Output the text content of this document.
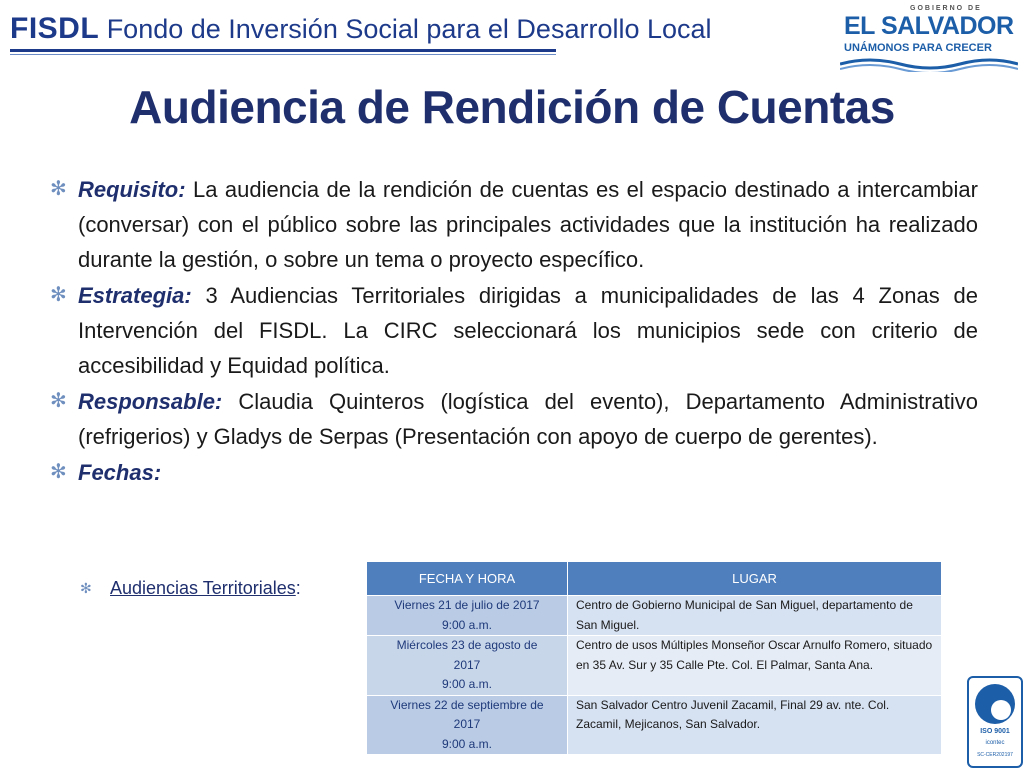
FISDL Fondo de Inversión Social para el Desarrollo Local
GOBIERNO DE
EL SALVADOR
UNÁMONOS PARA CRECER
Audiencia de Rendición de Cuentas
✻ Requisito: La audiencia de la rendición de cuentas es el espacio destinado a intercambiar (conversar) con el público sobre las principales actividades que la institución ha realizado durante la gestión, o sobre un tema o proyecto específico.
✻ Estrategia: 3 Audiencias Territoriales dirigidas a municipalidades de las 4 Zonas de Intervención del FISDL. La CIRC seleccionará los municipios sede con criterio de accesibilidad y Equidad política.
✻ Responsable: Claudia Quinteros (logística del evento), Departamento Administrativo (refrigerios) y Gladys de Serpas (Presentación con apoyo de cuerpo de gerentes).
✻ Fechas:
✻ Audiencias Territoriales:	FECHA Y HORA	LUGAR

Viernes 21 de julio de 2017
9:00 a.m.	Centro de Gobierno Municipal de San Miguel, departamento de San Miguel.

Miércoles 23 de agosto de
2017
9:00 a.m.	Centro de usos Múltiples Monseñor Oscar Arnulfo Romero, situado en 35 Av. Sur y 35 Calle Pte. Col. El Palmar, Santa Ana.

Viernes 22 de septiembre de
2017
9:00 a.m.	San Salvador Centro Juvenil Zacamil, Final 29 av. nte. Col. Zacamil, Mejicanos, San Salvador.
ISO 9001
icontec
SC-CER202197
